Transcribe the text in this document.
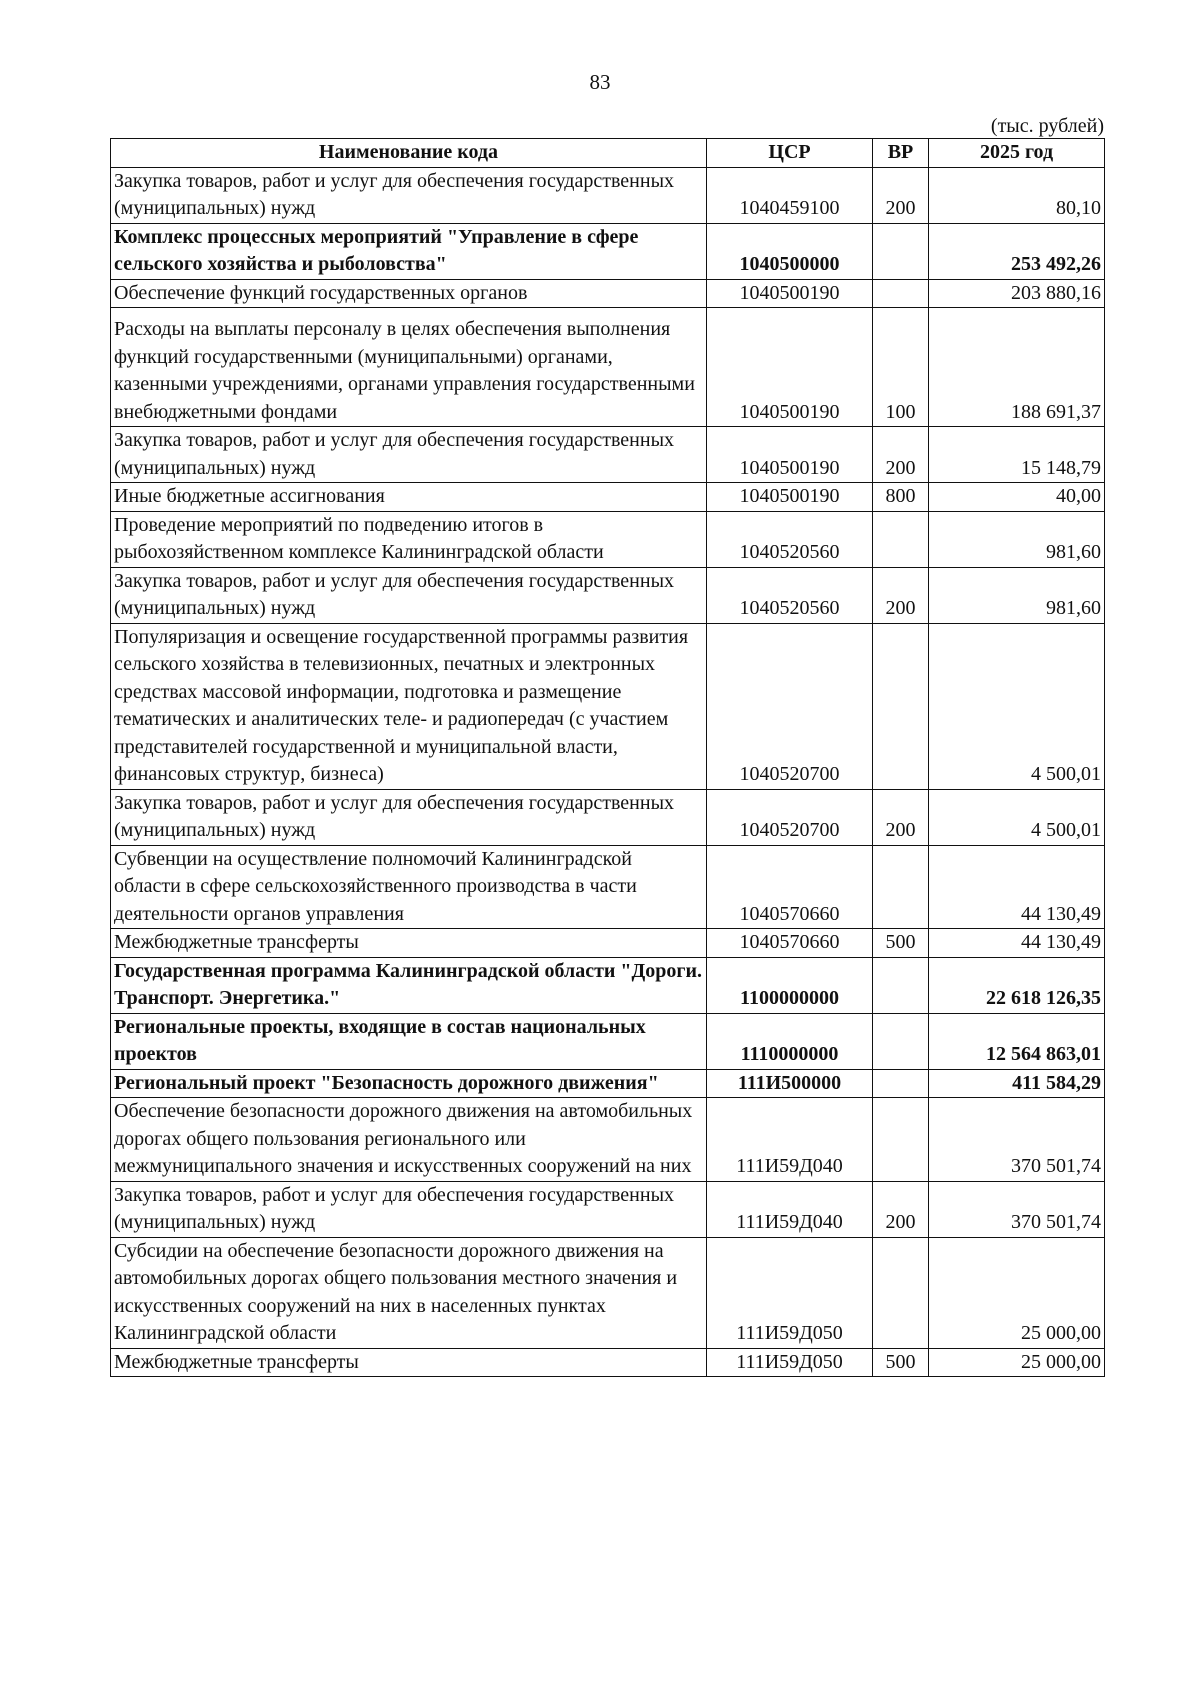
83
(тыс. рублей)
Наименование кода	ЦСР	ВР	2025 год
Закупка товаров, работ и услуг для обеспечения государственных (муниципальных) нужд	1040459100	200	80,10
Комплекс процессных мероприятий "Управление в сфере сельского хозяйства и рыболовства"	1040500000		253 492,26
Обеспечение функций государственных органов	1040500190		203 880,16
Расходы на выплаты персоналу в целях обеспечения выполнения функций государственными (муниципальными) органами, казенными учреждениями, органами управления государственными внебюджетными фондами	1040500190	100	188 691,37
Закупка товаров, работ и услуг для обеспечения государственных (муниципальных) нужд	1040500190	200	15 148,79
Иные бюджетные ассигнования	1040500190	800	40,00
Проведение мероприятий по подведению итогов в рыбохозяйственном комплексе Калининградской области	1040520560		981,60
Закупка товаров, работ и услуг для обеспечения государственных (муниципальных) нужд	1040520560	200	981,60
Популяризация и освещение государственной программы развития сельского хозяйства в телевизионных, печатных и электронных средствах массовой информации, подготовка и размещение тематических и аналитических теле- и радиопередач (с участием представителей государственной и муниципальной власти, финансовых структур, бизнеса)	1040520700		4 500,01
Закупка товаров, работ и услуг для обеспечения государственных (муниципальных) нужд	1040520700	200	4 500,01
Субвенции на осуществление полномочий Калининградской области в сфере сельскохозяйственного производства в части деятельности органов управления	1040570660		44 130,49
Межбюджетные трансферты	1040570660	500	44 130,49
Государственная программа Калининградской области "Дороги. Транспорт. Энергетика."	1100000000		22 618 126,35
Региональные проекты, входящие в состав национальных проектов	1110000000		12 564 863,01
Региональный проект "Безопасность дорожного движения"	111И500000		411 584,29
Обеспечение безопасности дорожного движения на автомобильных дорогах общего пользования регионального или межмуниципального значения и искусственных сооружений на них	111И59Д040		370 501,74
Закупка товаров, работ и услуг для обеспечения государственных (муниципальных) нужд	111И59Д040	200	370 501,74
Субсидии на обеспечение безопасности дорожного движения на автомобильных дорогах общего пользования местного значения и искусственных сооружений на них в населенных пунктах Калининградской области	111И59Д050		25 000,00
Межбюджетные трансферты	111И59Д050	500	25 000,00
